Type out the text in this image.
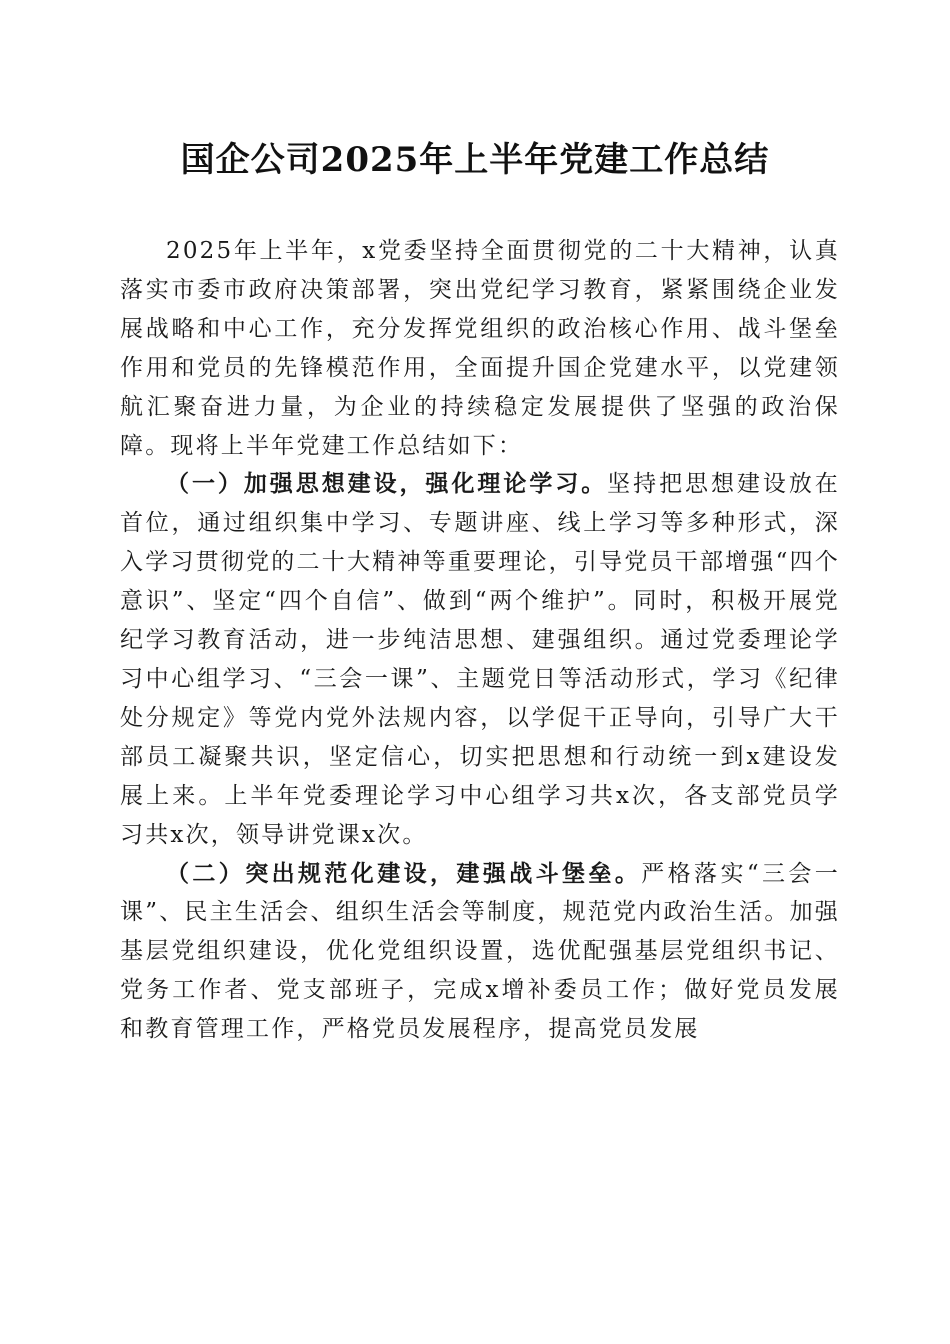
国企公司2025年上半年党建工作总结

2025年上半年，x党委坚持全面贯彻党的二十大精神，认真落实市委市政府决策部署，突出党纪学习教育，紧紧围绕企业发展战略和中心工作，充分发挥党组织的政治核心作用、战斗堡垒作用和党员的先锋模范作用，全面提升国企党建水平，以党建领航汇聚奋进力量，为企业的持续稳定发展提供了坚强的政治保障。现将上半年党建工作总结如下：

（一）加强思想建设，强化理论学习。坚持把思想建设放在首位，通过组织集中学习、专题讲座、线上学习等多种形式，深入学习贯彻党的二十大精神等重要理论，引导党员干部增强“四个意识”、坚定“四个自信”、做到“两个维护”。同时，积极开展党纪学习教育活动，进一步纯洁思想、建强组织。通过党委理论学习中心组学习、“三会一课”、主题党日等活动形式，学习《纪律处分规定》等党内党外法规内容，以学促干正导向，引导广大干部员工凝聚共识，坚定信心，切实把思想和行动统一到x建设发展上来。上半年党委理论学习中心组学习共x次，各支部党员学习共x次，领导讲党课x次。

（二）突出规范化建设，建强战斗堡垒。严格落实“三会一课”、民主生活会、组织生活会等制度，规范党内政治生活。加强基层党组织建设，优化党组织设置，选优配强基层党组织书记、党务工作者、党支部班子，完成x增补委员工作；做好党员发展和教育管理工作，严格党员发展程序，提高党员发展
